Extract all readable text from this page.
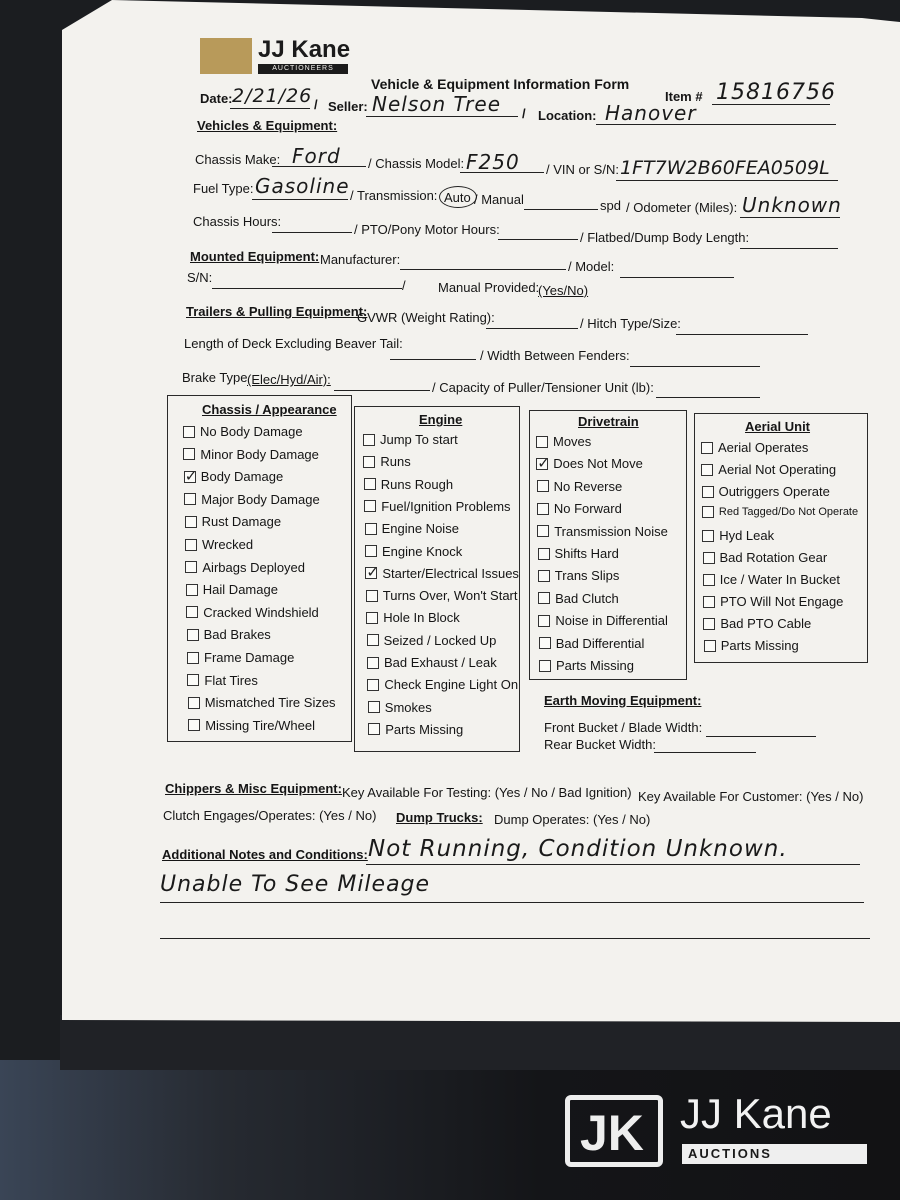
JJ Kane
AUCTIONEERS
Vehicle & Equipment Information Form
Item # 15816756
Date: 2/21/26 / Seller: Nelson Tree / Location: Hanover
Vehicles & Equipment:
Chassis Make: Ford / Chassis Model: F250 / VIN or S/N: 1FT7W2B60FEA0509L
Fuel Type: Gasoline / Transmission: Auto / Manual	spd / Odometer (Miles): Unknown
Chassis Hours:
/ PTO/Pony Motor Hours:
/ Flatbed/Dump Body Length:
Mounted Equipment: Manufacturer:	/ Model:
S/N:
/ Manual Provided:
(Yes/No)
Trailers & Pulling Equipment:
GVWR (Weight Rating):	/ Hitch Type/Size:
Length of Deck Excluding Beaver Tail:
/ Width Between Fenders:
Brake Type (Elec/Hyd/Air):
/ Capacity of Puller/Tensioner Unit (lb):
Chassis / Appearance
Engine	Drivetrain	Aerial Unit
No Body Damage
Minor Body Damage
✓
Body Damage
Major Body Damage
Rust Damage
Wrecked
Airbags Deployed
Hail Damage
Cracked Windshield
Bad Brakes
Frame Damage
Flat Tires
Mismatched Tire Sizes
Missing Tire/Wheel
Jump To start
Runs
Runs Rough
Fuel/Ignition Problems
Engine Noise
Engine Knock
✓
Starter/Electrical Issues
Turns Over, Won't Start
Hole In Block
Seized / Locked Up
Bad Exhaust / Leak
Check Engine Light On
Smokes
Parts Missing
Moves
✓
Does Not Move
No Reverse
No Forward
Transmission Noise
Shifts Hard
Trans Slips
Bad Clutch
Noise in Differential
Bad Differential
Parts Missing
Aerial Operates
Aerial Not Operating
Outriggers Operate
Red Tagged/Do Not Operate
Hyd Leak
Bad Rotation Gear
Ice / Water In Bucket
PTO Will Not Engage
Bad PTO Cable
Parts Missing
Earth Moving Equipment:
Front Bucket / Blade Width:
Rear Bucket Width:
Chippers & Misc Equipment: Key Available For Testing: (Yes / No / Bad Ignition) Key Available For Customer: (Yes / No)
Clutch Engages/Operates: (Yes / No) Dump Trucks: Dump Operates: (Yes / No)
Additional Notes and Conditions: Not Running, Condition Unknown.
Unable To See Mileage
JK JJ Kane
AUCTIONS
